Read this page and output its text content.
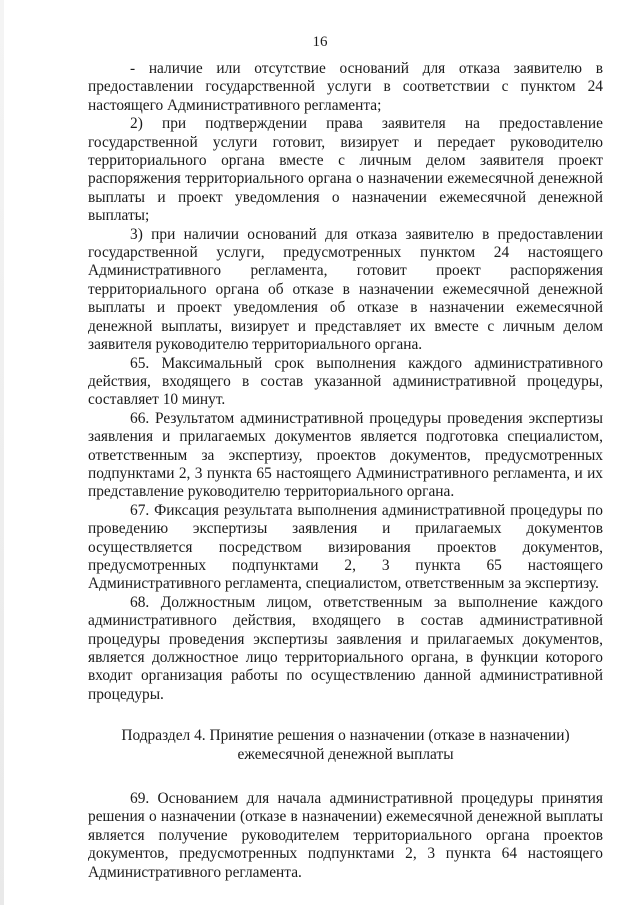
16

- наличие или отсутствие оснований для отказа заявителю в предоставлении государственной услуги в соответствии с пунктом 24 настоящего Административного регламента;

2) при подтверждении права заявителя на предоставление государственной услуги готовит, визирует и передает руководителю территориального органа вместе с личным делом заявителя проект распоряжения территориального органа о назначении ежемесячной денежной выплаты и проект уведомления о назначении ежемесячной денежной выплаты;

3) при наличии оснований для отказа заявителю в предоставлении государственной услуги, предусмотренных пунктом 24 настоящего Административного регламента, готовит проект распоряжения территориального органа об отказе в назначении ежемесячной денежной выплаты и проект уведомления об отказе в назначении ежемесячной денежной выплаты, визирует и представляет их вместе с личным делом заявителя руководителю территориального органа.

65. Максимальный срок выполнения каждого административного действия, входящего в состав указанной административной процедуры, составляет 10 минут.

66. Результатом административной процедуры проведения экспертизы заявления и прилагаемых документов является подготовка специалистом, ответственным за экспертизу, проектов документов, предусмотренных подпунктами 2, 3 пункта 65 настоящего Административного регламента, и их представление руководителю территориального органа.

67. Фиксация результата выполнения административной процедуры по проведению экспертизы заявления и прилагаемых документов осуществляется посредством визирования проектов документов, предусмотренных подпунктами 2, 3 пункта 65 настоящего Административного регламента, специалистом, ответственным за экспертизу.

68. Должностным лицом, ответственным за выполнение каждого административного действия, входящего в состав административной процедуры проведения экспертизы заявления и прилагаемых документов, является должностное лицо территориального органа, в функции которого входит организация работы по осуществлению данной административной процедуры.

Подраздел 4. Принятие решения о назначении (отказе в назначении)
ежемесячной денежной выплаты

69. Основанием для начала административной процедуры принятия решения о назначении (отказе в назначении) ежемесячной денежной выплаты является получение руководителем территориального органа проектов документов, предусмотренных подпунктами 2, 3 пункта 64 настоящего Административного регламента.
